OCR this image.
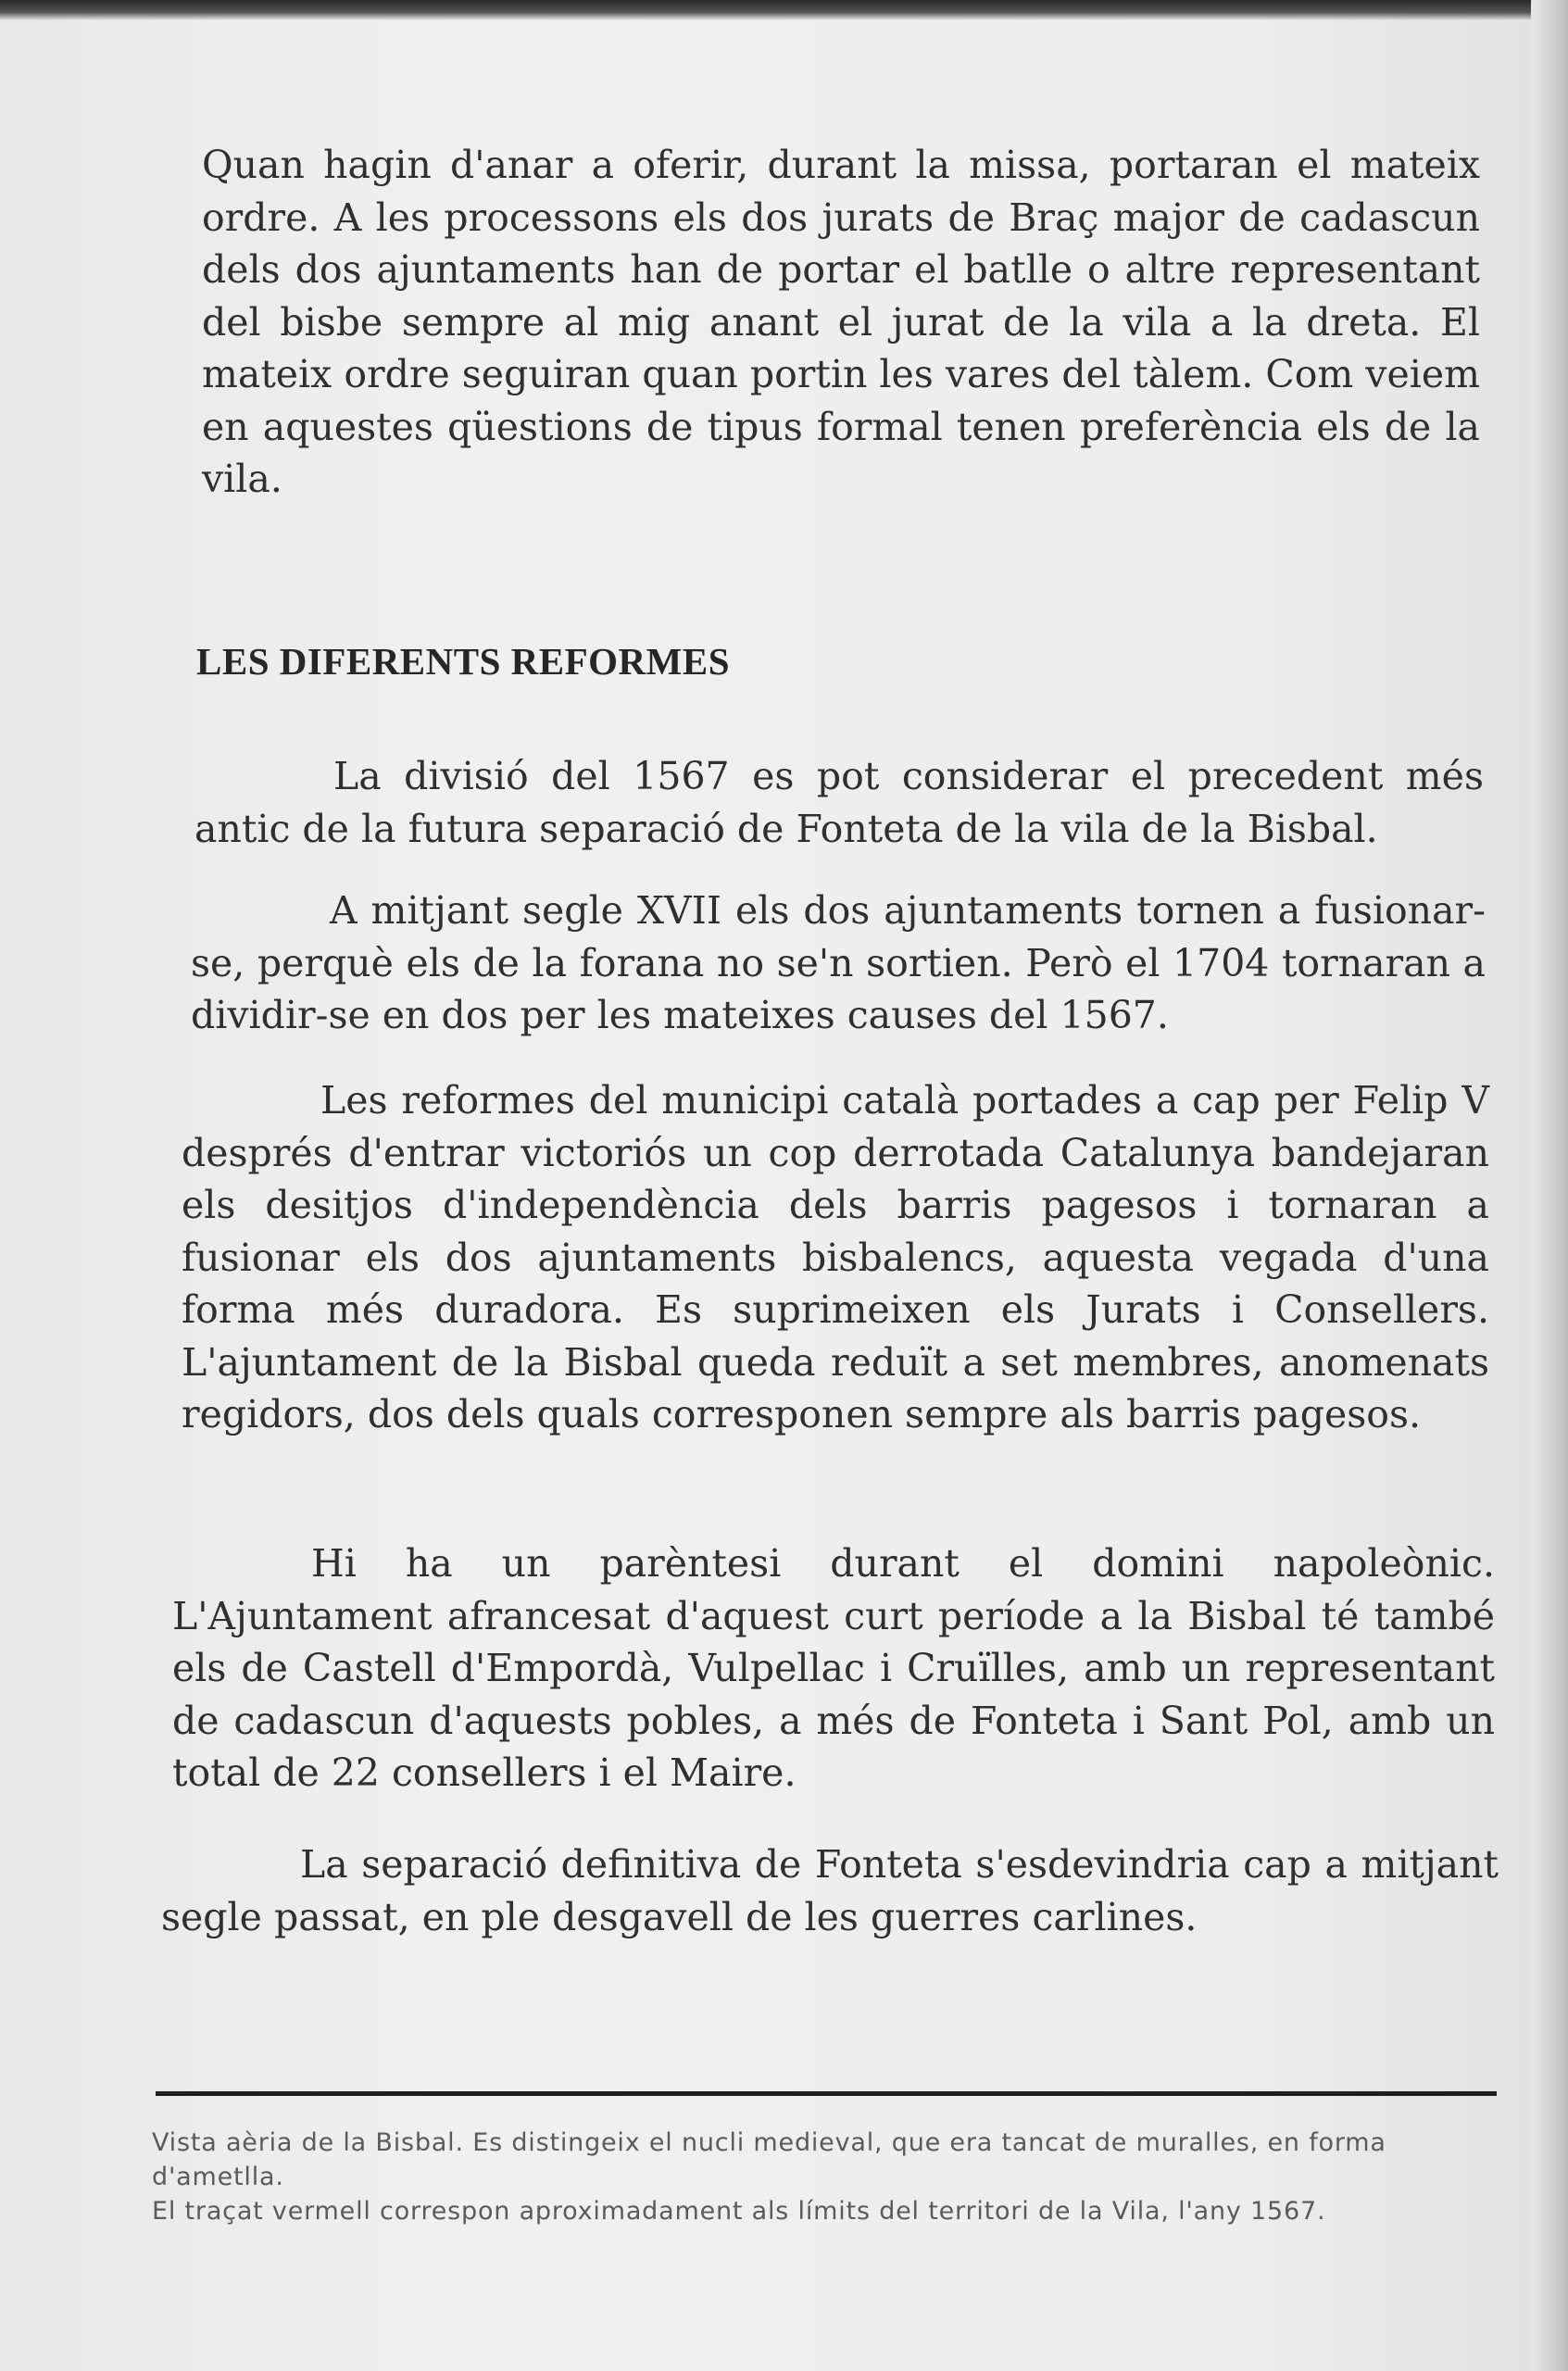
Quan hagin d'anar a oferir, durant la missa, portaran el mateix ordre. A les processons els dos jurats de Braç major de cadascun dels dos ajuntaments han de portar el batlle o altre representant del bisbe sempre al mig anant el jurat de la vila a la dreta. El mateix ordre seguiran quan portin les vares del tàlem. Com veiem en aquestes qüestions de tipus formal tenen preferència els de la vila.

LES DIFERENTS REFORMES

La divisió del 1567 es pot considerar el precedent més antic de la futura separació de Fonteta de la vila de la Bisbal.

A mitjant segle XVII els dos ajuntaments tornen a fusionar-se, perquè els de la forana no se'n sortien. Però el 1704 tornaran a dividir-se en dos per les mateixes causes del 1567.

Les reformes del municipi català portades a cap per Felip V després d'entrar victoriós un cop derrotada Catalunya bandejaran els desitjos d'independència dels barris pagesos i tornaran a fusionar els dos ajuntaments bisbalencs, aquesta vegada d'una forma més duradora. Es suprimeixen els Jurats i Consellers. L'ajuntament de la Bisbal queda reduït a set membres, anomenats regidors, dos dels quals corresponen sempre als barris pagesos.

Hi ha un parèntesi durant el domini napoleònic. L'Ajuntament afrancesat d'aquest curt període a la Bisbal té també els de Castell d'Empordà, Vulpellac i Cruïlles, amb un representant de cadascun d'aquests pobles, a més de Fonteta i Sant Pol, amb un total de 22 consellers i el Maire.

La separació definitiva de Fonteta s'esdevindria cap a mitjant segle passat, en ple desgavell de les guerres carlines.

Vista aèria de la Bisbal. Es distingeix el nucli medieval, que era tancat de muralles, en forma d'ametlla.
El traçat vermell correspon aproximadament als límits del territori de la Vila, l'any 1567.
